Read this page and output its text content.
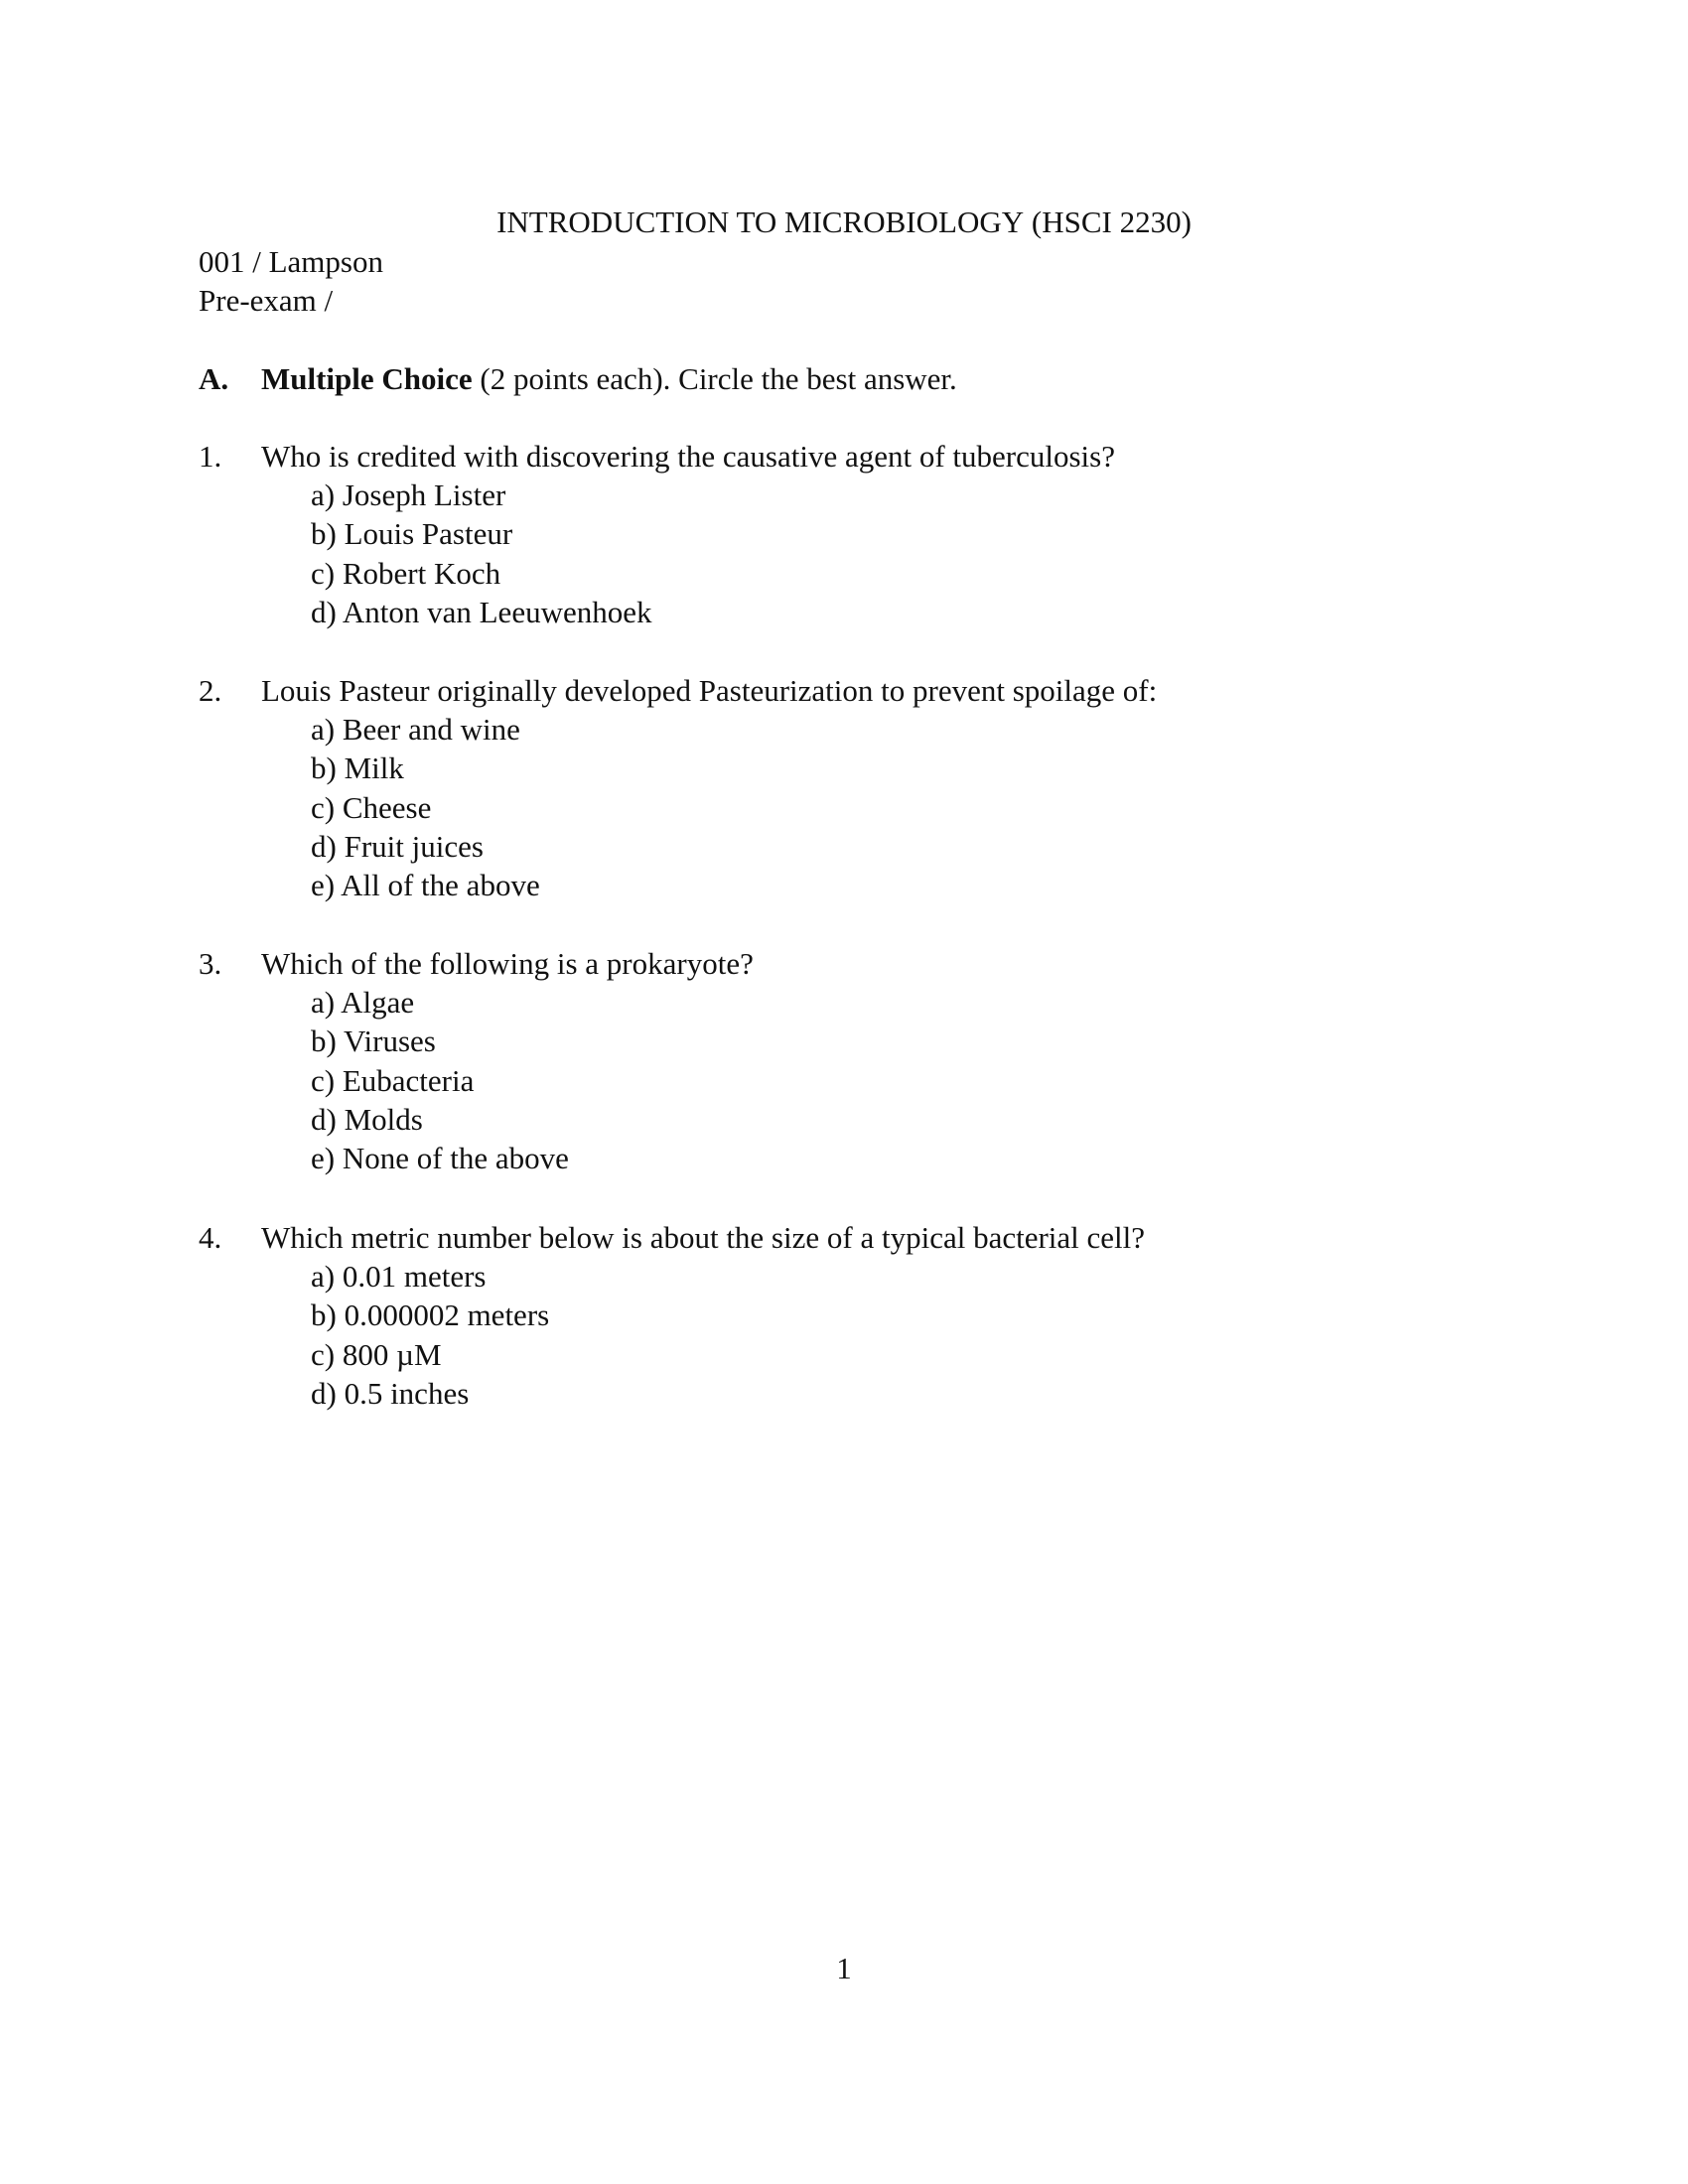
INTRODUCTION TO MICROBIOLOGY (HSCI 2230)
001 / Lampson
Pre-exam /
A. Multiple Choice (2 points each). Circle the best answer.
1. Who is credited with discovering the causative agent of tuberculosis?
a) Joseph Lister
b) Louis Pasteur
c) Robert Koch
d) Anton van Leeuwenhoek
2. Louis Pasteur originally developed Pasteurization to prevent spoilage of:
a) Beer and wine
b) Milk
c) Cheese
d) Fruit juices
e) All of the above
3. Which of the following is a prokaryote?
a) Algae
b) Viruses
c) Eubacteria
d) Molds
e) None of the above
4. Which metric number below is about the size of a typical bacterial cell?
a) 0.01 meters
b) 0.000002 meters
c) 800 µM
d) 0.5 inches
1
